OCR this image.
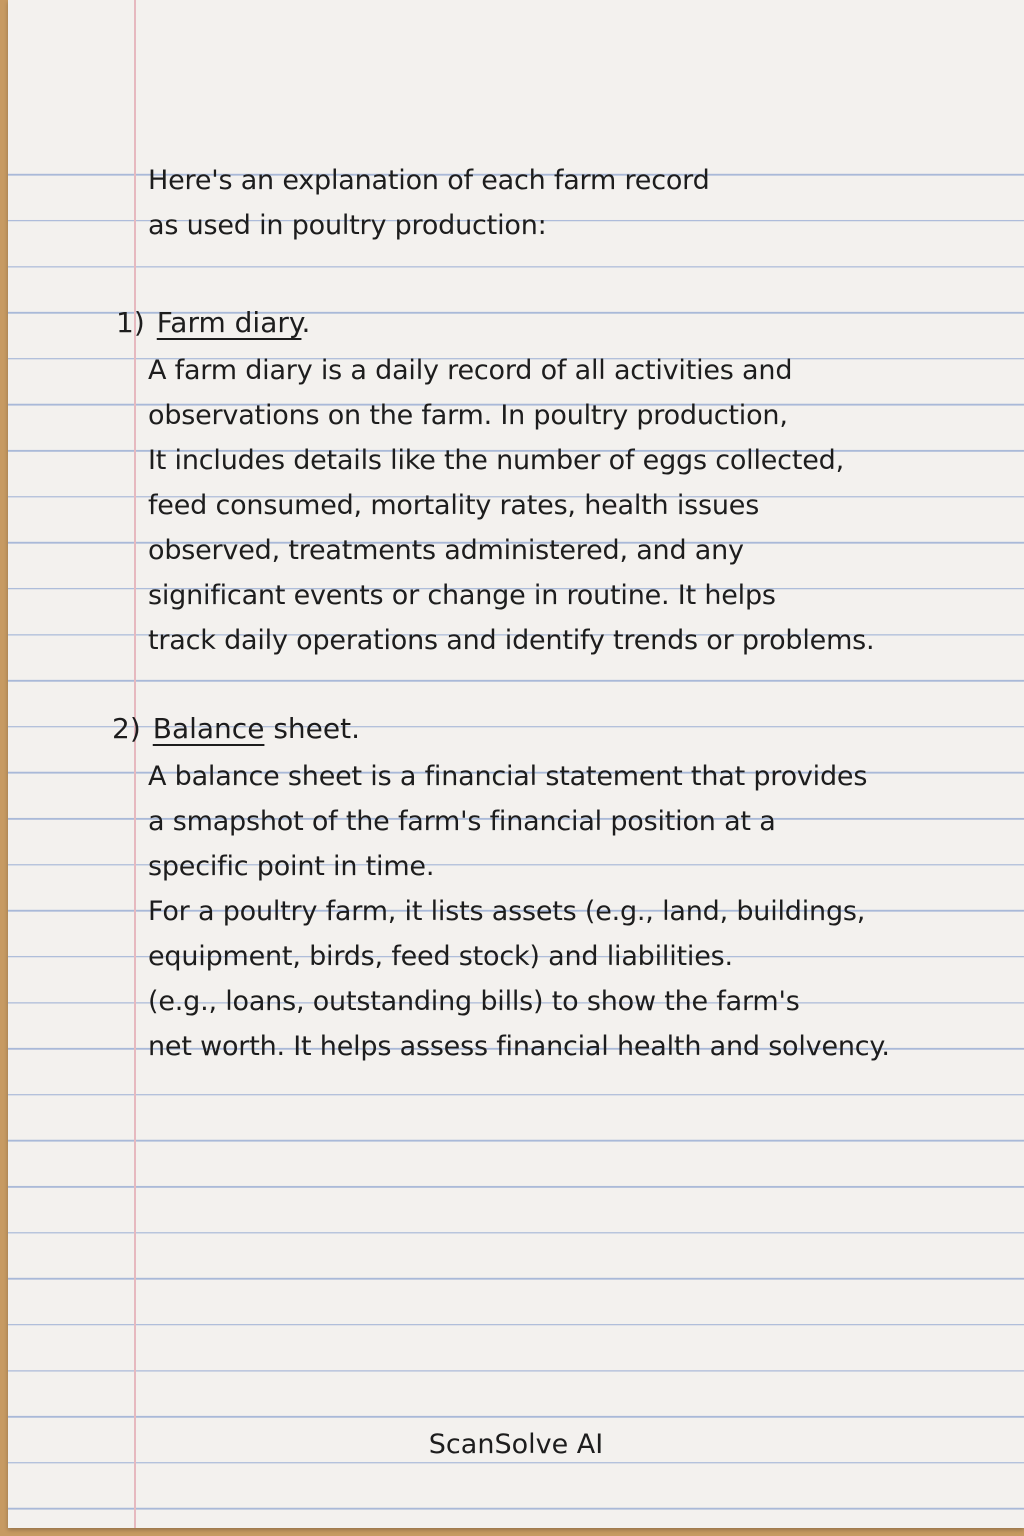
Here's an explanation of each farm record
as used in poultry production:
1) Farm diary.
A farm diary is a daily record of all activities and
observations on the farm. In poultry production,
It includes details like the number of eggs collected,
feed consumed, mortality rates, health issues
observed, treatments administered, and any
significant events or change in routine. It helps
track daily operations and identify trends or problems.
2) Balance sheet.
A balance sheet is a financial statement that provides
a smapshot of the farm's financial position at a
specific point in time.
For a poultry farm, it lists assets (e.g., land, buildings,
equipment, birds, feed stock) and liabilities.
(e.g., loans, outstanding bills) to show the farm's
net worth. It helps assess financial health and solvency.
ScanSolve AI
